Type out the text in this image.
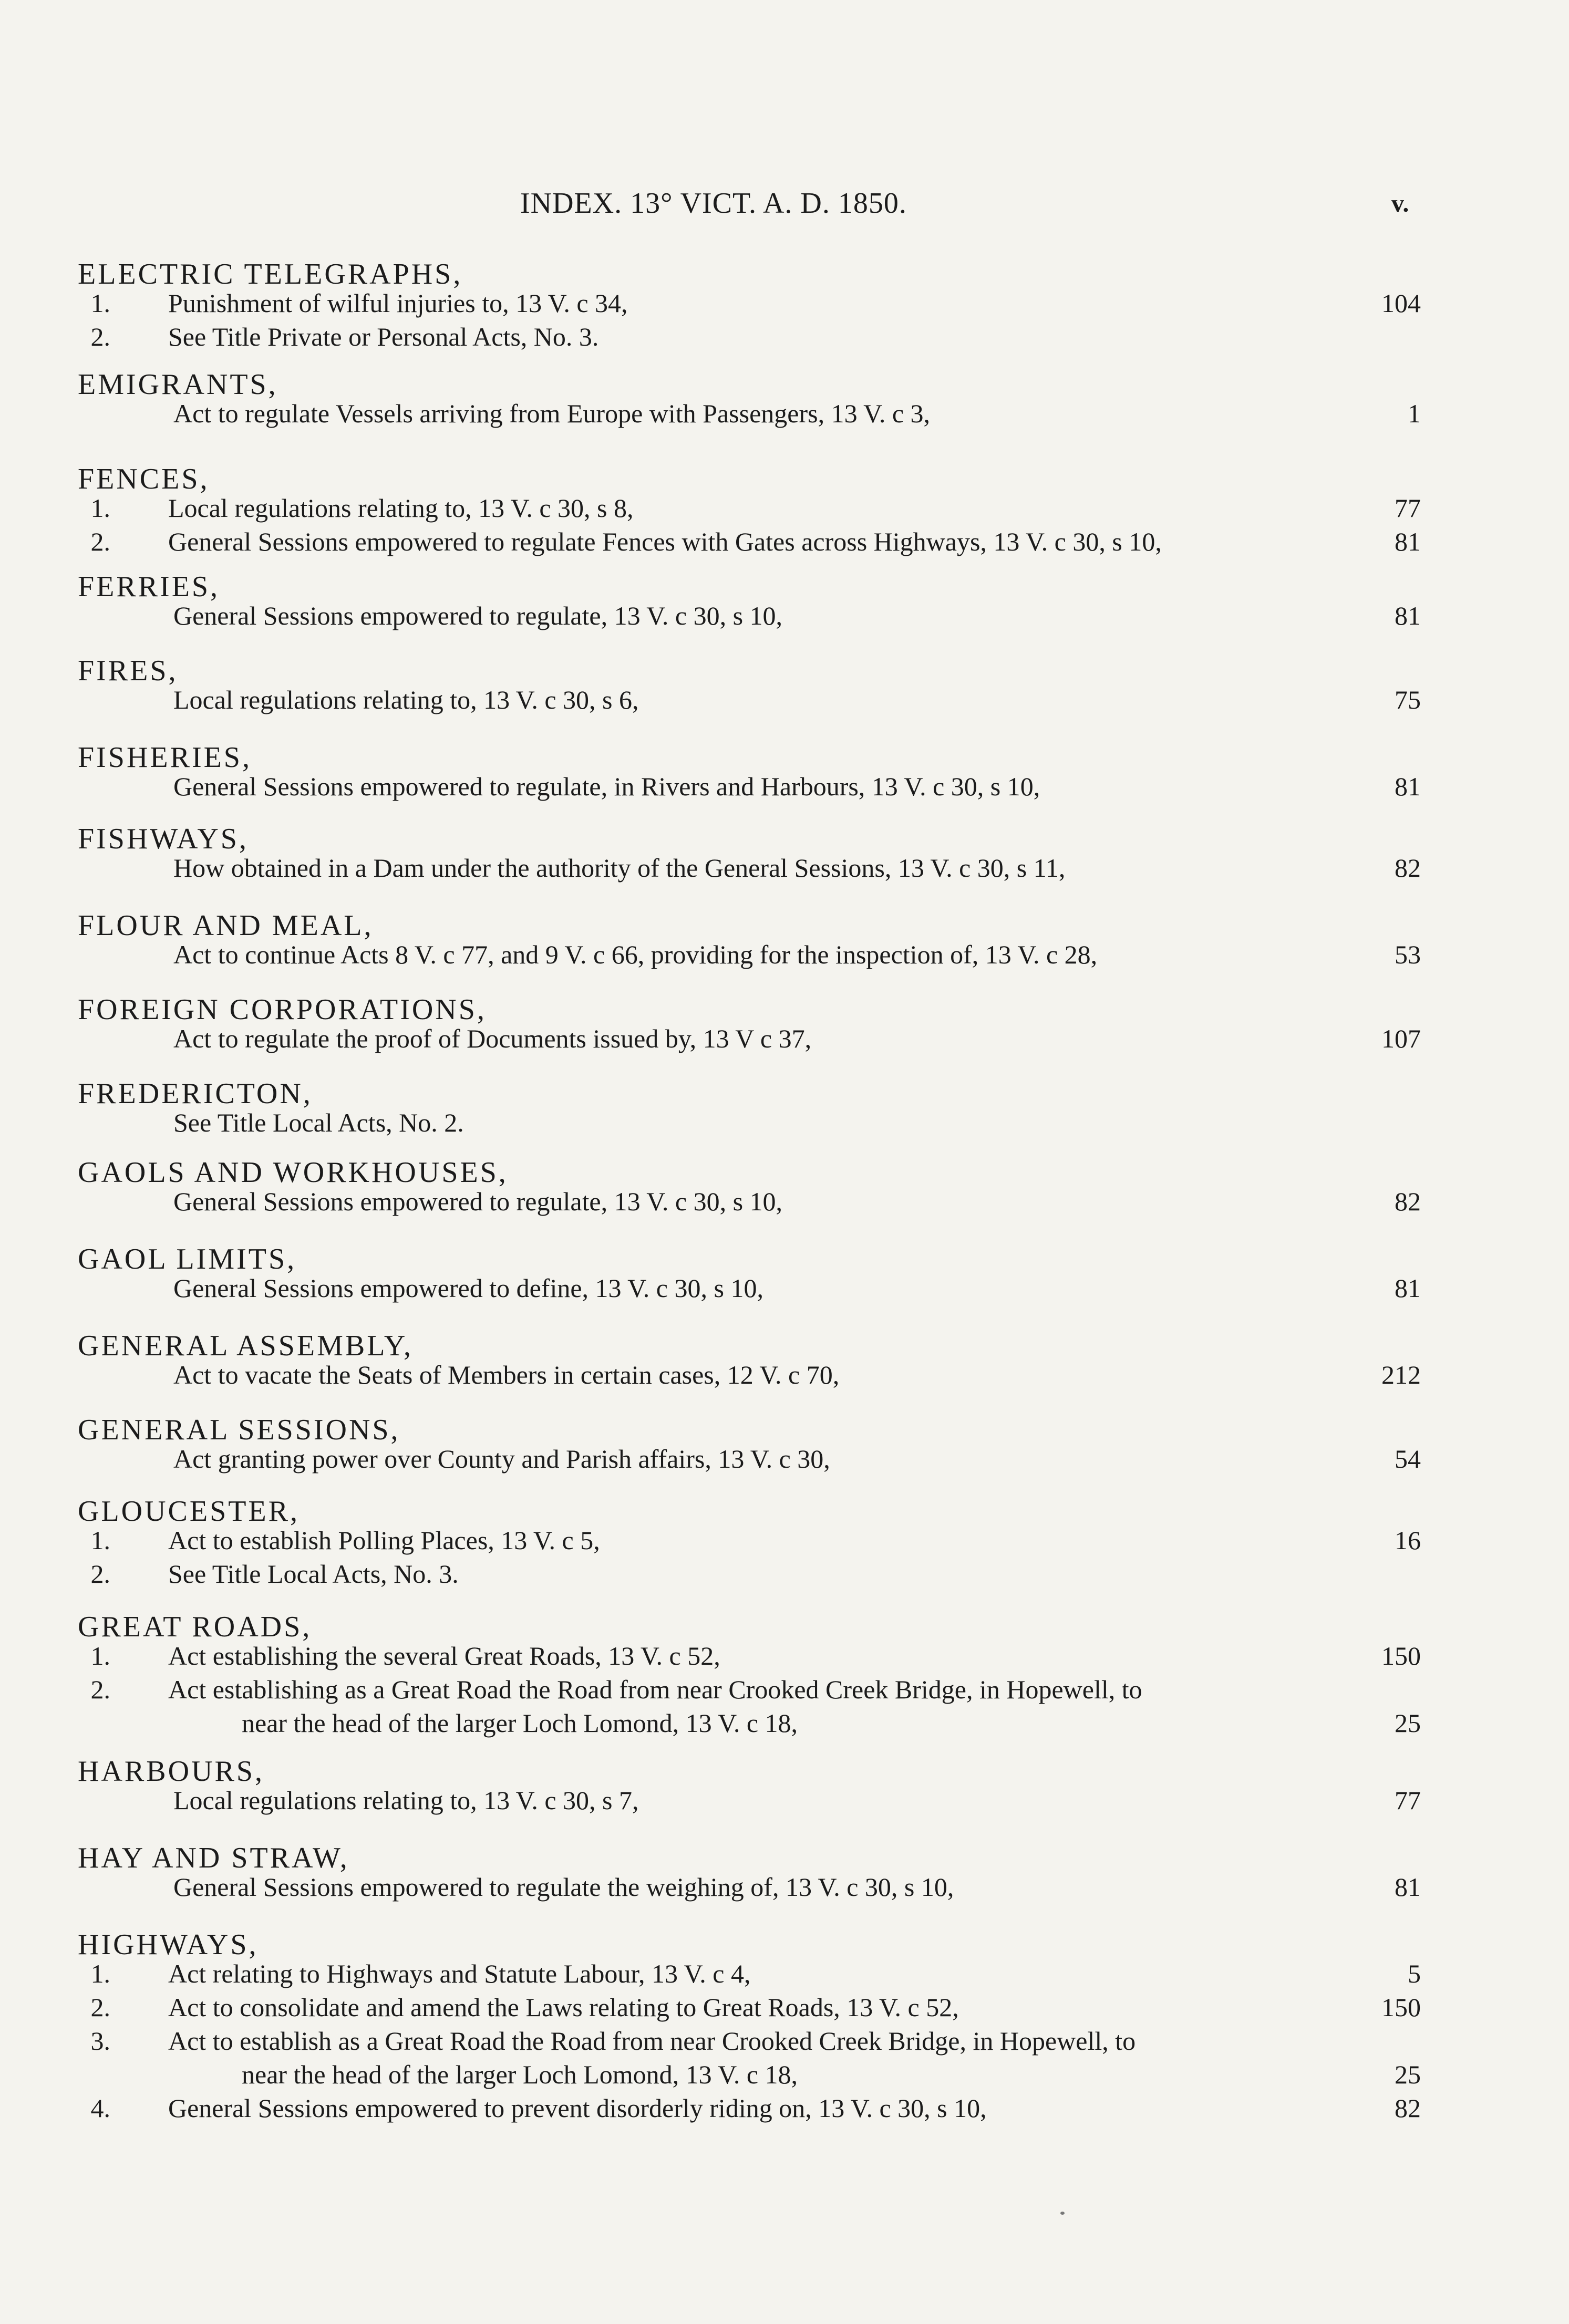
INDEX. 13° VICT. A. D. 1850.	v.
ELECTRIC TELEGRAPHS,
1. Punishment of wilful injuries to, 13 V. c 34,	104
2. See Title Private or Personal Acts, No. 3.
EMIGRANTS,
Act to regulate Vessels arriving from Europe with Passengers, 13 V. c 3,	1
FENCES,
1. Local regulations relating to, 13 V. c 30, s 8,	77
2. General Sessions empowered to regulate Fences with Gates across Highways, 13 V. c 30, s 10,	81
FERRIES,
General Sessions empowered to regulate, 13 V. c 30, s 10,	81
FIRES,
Local regulations relating to, 13 V. c 30, s 6,	75
FISHERIES,
General Sessions empowered to regulate, in Rivers and Harbours, 13 V. c 30, s 10,	81
FISHWAYS,
How obtained in a Dam under the authority of the General Sessions, 13 V. c 30, s 11,	82
FLOUR AND MEAL,
Act to continue Acts 8 V. c 77, and 9 V. c 66, providing for the inspection of, 13 V. c 28,	53
FOREIGN CORPORATIONS,
Act to regulate the proof of Documents issued by, 13 V c 37,	107
FREDERICTON,
See Title Local Acts, No. 2.
GAOLS AND WORKHOUSES,
General Sessions empowered to regulate, 13 V. c 30, s 10,	82
GAOL LIMITS,
General Sessions empowered to define, 13 V. c 30, s 10,	81
GENERAL ASSEMBLY,
Act to vacate the Seats of Members in certain cases, 12 V. c 70,	212
GENERAL SESSIONS,
Act granting power over County and Parish affairs, 13 V. c 30,	54
GLOUCESTER,
1. Act to establish Polling Places, 13 V. c 5,	16
2. See Title Local Acts, No. 3.
GREAT ROADS,
1. Act establishing the several Great Roads, 13 V. c 52,	150
2. Act establishing as a Great Road the Road from near Crooked Creek Bridge, in Hopewell, to
near the head of the larger Loch Lomond, 13 V. c 18,	25
HARBOURS,
Local regulations relating to, 13 V. c 30, s 7,	77
HAY AND STRAW,
General Sessions empowered to regulate the weighing of, 13 V. c 30, s 10,	81
HIGHWAYS,
1. Act relating to Highways and Statute Labour, 13 V. c 4,	5
2. Act to consolidate and amend the Laws relating to Great Roads, 13 V. c 52,	150
3. Act to establish as a Great Road the Road from near Crooked Creek Bridge, in Hopewell, to
near the head of the larger Loch Lomond, 13 V. c 18,	25
4. General Sessions empowered to prevent disorderly riding on, 13 V. c 30, s 10,	82
